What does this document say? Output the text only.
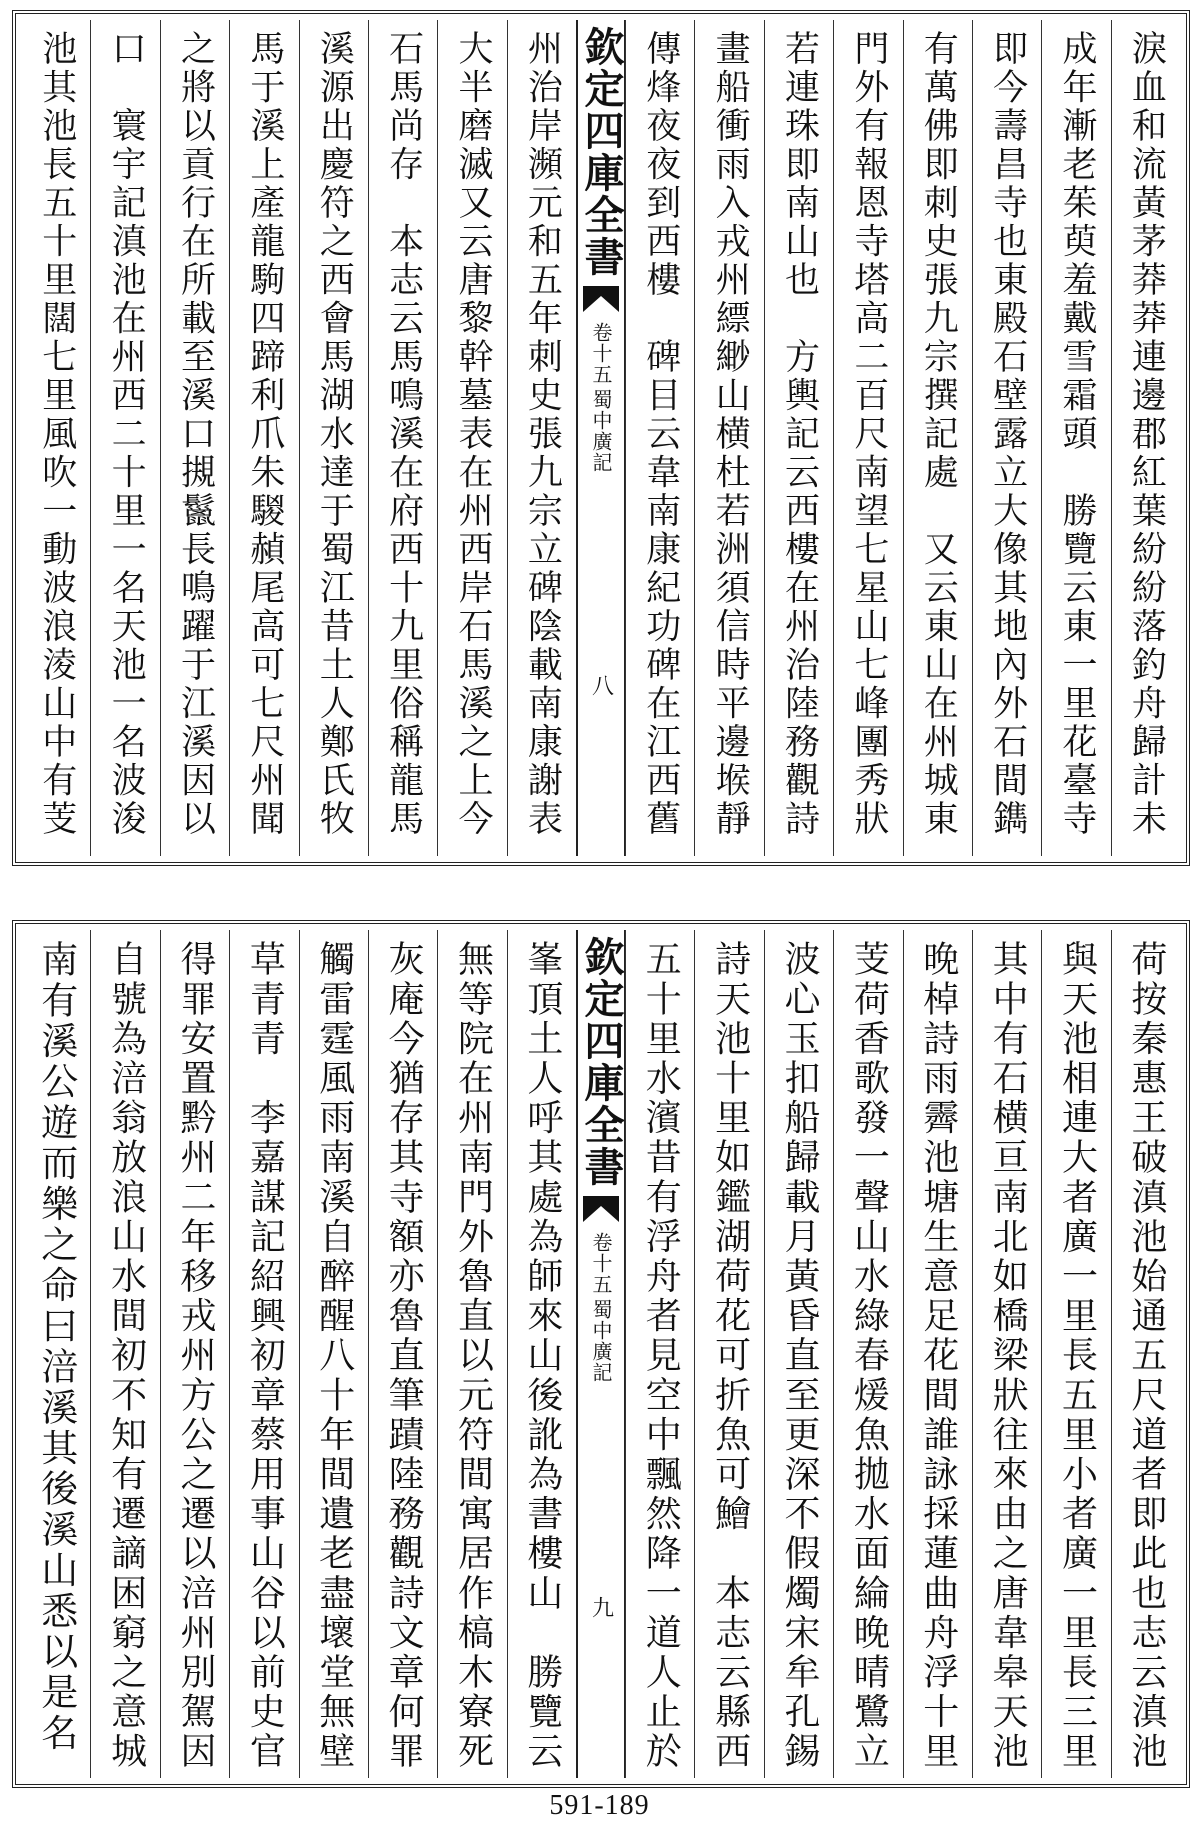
淚血和流黃茅莽莽連邊郡紅葉紛紛落釣舟歸計未
成年漸老茱萸羞戴雪霜頭　勝覽云東一里花臺寺
即今壽昌寺也東殿石壁露立大像其地內外石間鐫
有萬佛即刺史張九宗撰記處　又云東山在州城東
門外有報恩寺塔高二百尺南望七星山七峰團秀狀
若連珠即南山也　方輿記云西樓在州治陸務觀詩
畫船衝雨入戎州縹緲山横杜若洲須信時平邊堠靜
傳烽夜夜到西樓　碑目云韋南康紀功碑在江西舊
欽定四庫全書
蜀中廣記
卷十五
八
州治岸瀕元和五年刺史張九宗立碑陰載南康謝表
大半磨滅又云唐黎幹墓表在州西岸石馬溪之上今
石馬尚存　本志云馬鳴溪在府西十九里俗稱龍馬
溪源出慶符之西會馬湖水達于蜀江昔土人鄭氏牧
馬于溪上產龍駒四蹄利爪朱騣赬尾高可七尺州聞
之將以貢行在所載至溪口摫鬣長鳴躍于江溪因以
口　寰宇記滇池在州西二十里一名天池一名波浚
池其池長五十里闊七里風吹一動波浪淩山中有芰
荷按秦惠王破滇池始通五尺道者即此也志云滇池
與天池相連大者廣一里長五里小者廣一里長三里
其中有石横亘南北如橋梁狀往來由之唐韋皋天池
晚棹詩雨霽池塘生意足花間誰詠採蓮曲舟浮十里
芰荷香歌發一聲山水綠春煖魚拋水面綸晚晴鷺立
波心玉扣船歸載月黃昏直至更深不假燭宋牟孔錫
詩天池十里如鑑湖荷花可折魚可鱠　本志云縣西
五十里水濱昔有浮舟者見空中飄然降一道人止於
欽定四庫全書
蜀中廣記
卷十五
九
峯頂土人呼其處為師來山後訛為書樓山　勝覽云
無等院在州南門外魯直以元符間寓居作槁木寮死
灰庵今猶存其寺額亦魯直筆蹟陸務觀詩文章何罪
觸雷霆風雨南溪自醉醒八十年間遺老盡壞堂無壁
草青青　李嘉謀記紹興初章蔡用事山谷以前史官
得罪安置黔州二年移戎州方公之遷以涪州別駕因
自號為涪翁放浪山水間初不知有遷謫困窮之意城
南有溪公遊而樂之命曰涪溪其後溪山悉以是名
591-189
